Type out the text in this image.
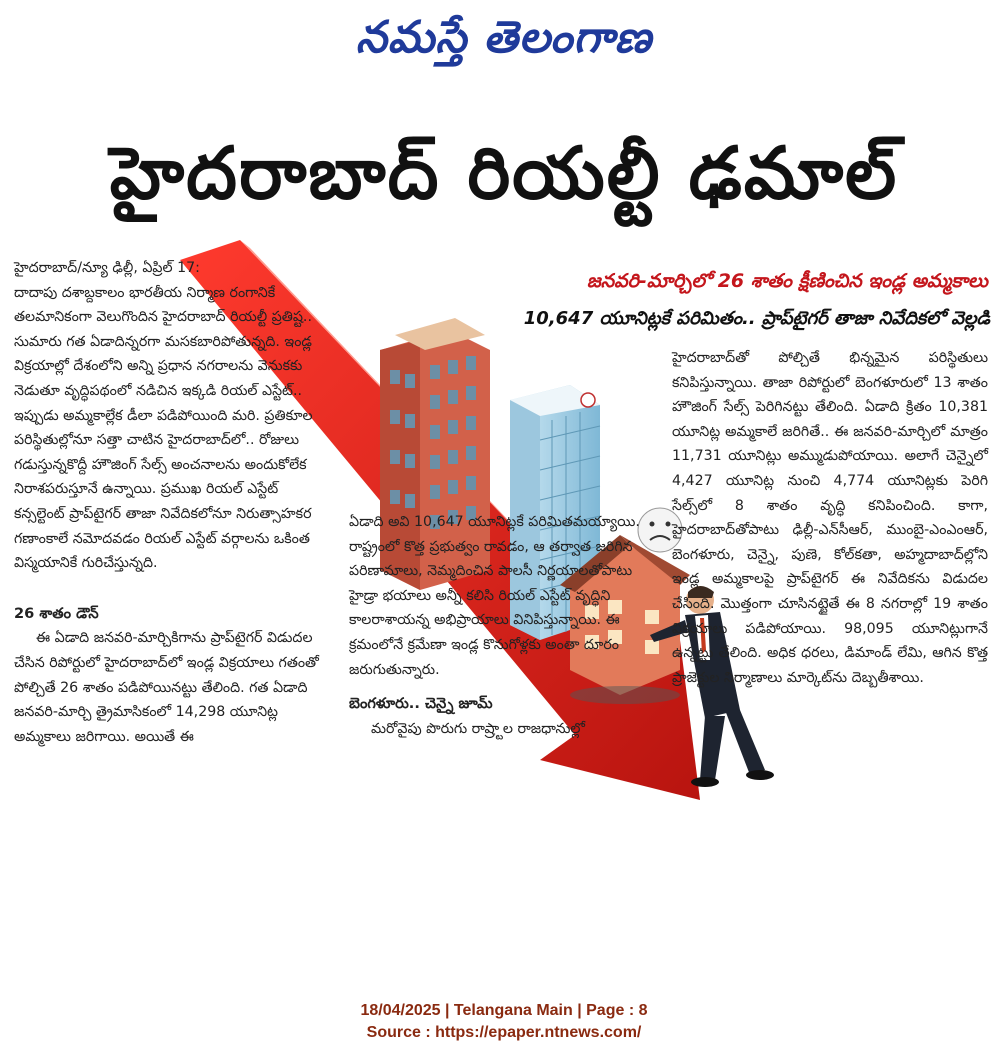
నమస్తే తెలంగాణ
హైదరాబాద్ రియల్టీ ఢమాల్
జనవరి-మార్చిలో 26 శాతం క్షీణించిన ఇండ్ల అమ్మకాలు
10,647 యూనిట్లకే పరిమితం.. ప్రాప్‌టైగర్ తాజా నివేదికలో వెల్లడి
హైదరాబాద్/న్యూ ఢిల్లీ, ఏప్రిల్ 17:

దాదాపు దశాబ్దకాలం భారతీయ నిర్మాణ రంగానికే తలమానికంగా వెలుగొందిన హైదరాబాద్ రియల్టీ ప్రతిష్ట.. సుమారు గత ఏడాదిన్నరగా మసకబారిపోతున్నది. ఇండ్ల విక్రయాల్లో దేశంలోని అన్ని ప్రధాన నగరాలను వెనుకకు నెడుతూ వృద్ధిపథంలో నడిచిన ఇక్కడి రియల్ ఎస్టేట్.. ఇప్పుడు అమ్మకాల్లేక డీలా పడిపోయింది మరి. ప్రతికూల పరిస్థితుల్లోనూ సత్తా చాటిన హైదరాబాద్‌లో.. రోజులు గడుస్తున్నకొద్దీ హౌజింగ్ సేల్స్ అంచనాలను అందుకోలేక నిరాశపరుస్తూనే ఉన్నాయి. ప్రముఖ రియల్ ఎస్టేట్ కన్సల్టెంట్ ప్రాప్‌టైగర్ తాజా నివేదికలోనూ నిరుత్సాహకర గణాంకాలే నమోదవడం రియల్ ఎస్టేట్ వర్గాలను ఒకింత విస్మయానికే గురిచేస్తున్నది.

26 శాతం డౌన్

ఈ ఏడాది జనవరి-మార్చికిగాను ప్రాప్‌టైగర్ విడుదల చేసిన రిపోర్టులో హైదరాబాద్‌లో ఇండ్ల విక్రయాలు గతంతో పోల్చితే 26 శాతం పడిపోయినట్టు తేలింది. గత ఏడాది జనవరి-మార్చి త్రైమాసికంలో 14,298 యూనిట్ల అమ్మకాలు జరిగాయి. అయితే ఈ

ఏడాది అవి 10,647 యూనిట్లకే పరిమితమయ్యాయి. రాష్ట్రంలో కొత్త ప్రభుత్వం రావడం, ఆ తర్వాత జరిగిన పరిణామాలు, నెమ్మదించిన పాలసీ నిర్ణయాలతోపాటు హైడ్రా భయాలు అన్నీ కలిసి రియల్ ఎస్టేట్ వృద్ధిని కాలరాశాయన్న అభిప్రాయాలు వినిపిస్తున్నాయి. ఈ క్రమంలోనే క్రమేణా ఇండ్ల కొనుగోళ్లకు అంతా దూరం జరుగుతున్నారు.

బెంగళూరు.. చెన్నై జూమ్

మరోవైపు పొరుగు రాష్ర్టాల రాజధానుల్లో

హైదరాబాద్‌తో పోల్చితే భిన్నమైన పరిస్థితులు కనిపిస్తున్నాయి. తాజా రిపోర్టులో బెంగళూరులో 13 శాతం హౌజింగ్ సేల్స్ పెరిగినట్టు తేలింది. ఏడాది క్రితం 10,381 యూనిట్ల అమ్మకాలే జరిగితే.. ఈ జనవరి-మార్చిలో మాత్రం 11,731 యూనిట్లు అమ్ముడుపోయాయి. అలాగే చెన్నైలో 4,427 యూనిట్ల నుంచి 4,774 యూనిట్లకు పెరిగి సేల్స్‌లో 8 శాతం వృద్ధి కనిపించింది. కాగా, హైదరాబాద్‌తోపాటు ఢిల్లీ-ఎన్‌సీఆర్, ముంబై-ఎంఎంఆర్, బెంగళూరు, చెన్నై, పుణె, కోల్‌కతా, అహ్మదాబాద్‌ల్లోని ఇండ్ల అమ్మకాలపై ప్రాప్‌టైగర్ ఈ నివేదికను విడుదల చేసింది. మొత్తంగా చూసినట్టైతే ఈ 8 నగరాల్లో 19 శాతం విక్రయాలు పడిపోయాయి. 98,095 యూనిట్లుగానే ఉన్నట్టు తేలింది. అధిక ధరలు, డిమాండ్ లేమి, ఆగిన కొత్త ప్రాజెక్టుల నిర్మాణాలు మార్కెట్‌ను దెబ్బతీశాయి.

18/04/2025 | Telangana Main | Page : 8
Source : https://epaper.ntnews.com/
